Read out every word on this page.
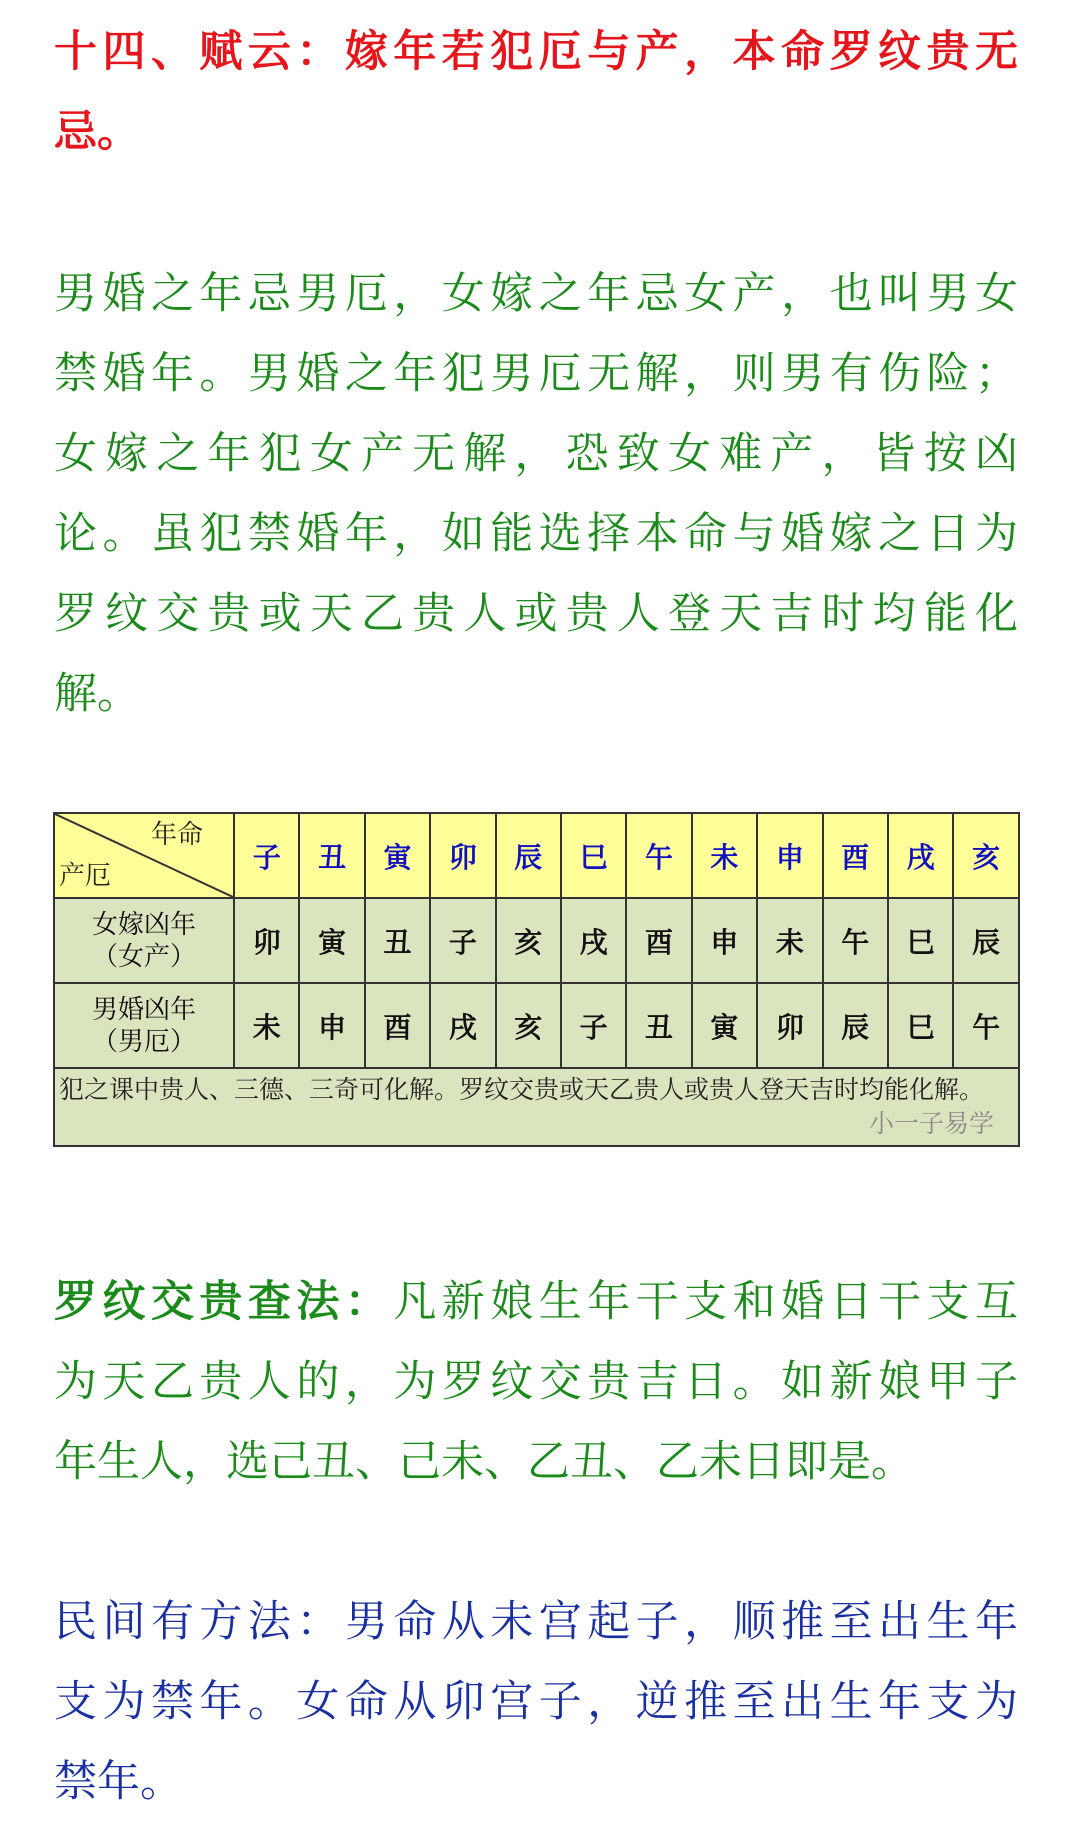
十四、赋云：嫁年若犯厄与产，本命罗纹贵无
忌。
男婚之年忌男厄，女嫁之年忌女产，也叫男女
禁婚年。男婚之年犯男厄无解，则男有伤险；
女嫁之年犯女产无解，恐致女难产，皆按凶
论。虽犯禁婚年，如能选择本命与婚嫁之日为
罗纹交贵或天乙贵人或贵人登天吉时均能化
解。
年命
产厄	子	丑	寅	卯	辰	巳	午	未	申	酉	戌	亥

女嫁凶年
（女产）	卯	寅	丑	子	亥	戌	酉	申	未	午	巳	辰

男婚凶年
（男厄）	未	申	酉	戌	亥	子	丑	寅	卯	辰	巳	午

犯之课中贵人、三德、三奇可化解。罗纹交贵或天乙贵人或贵人登天吉时均能化解。
小一子易学												
罗纹交贵查法：凡新娘生年干支和婚日干支互
为天乙贵人的，为罗纹交贵吉日。如新娘甲子
年生人，选己丑、己未、乙丑、乙未日即是。
民间有方法：男命从未宫起子，顺推至出生年
支为禁年。女命从卯宫子，逆推至出生年支为
禁年。
